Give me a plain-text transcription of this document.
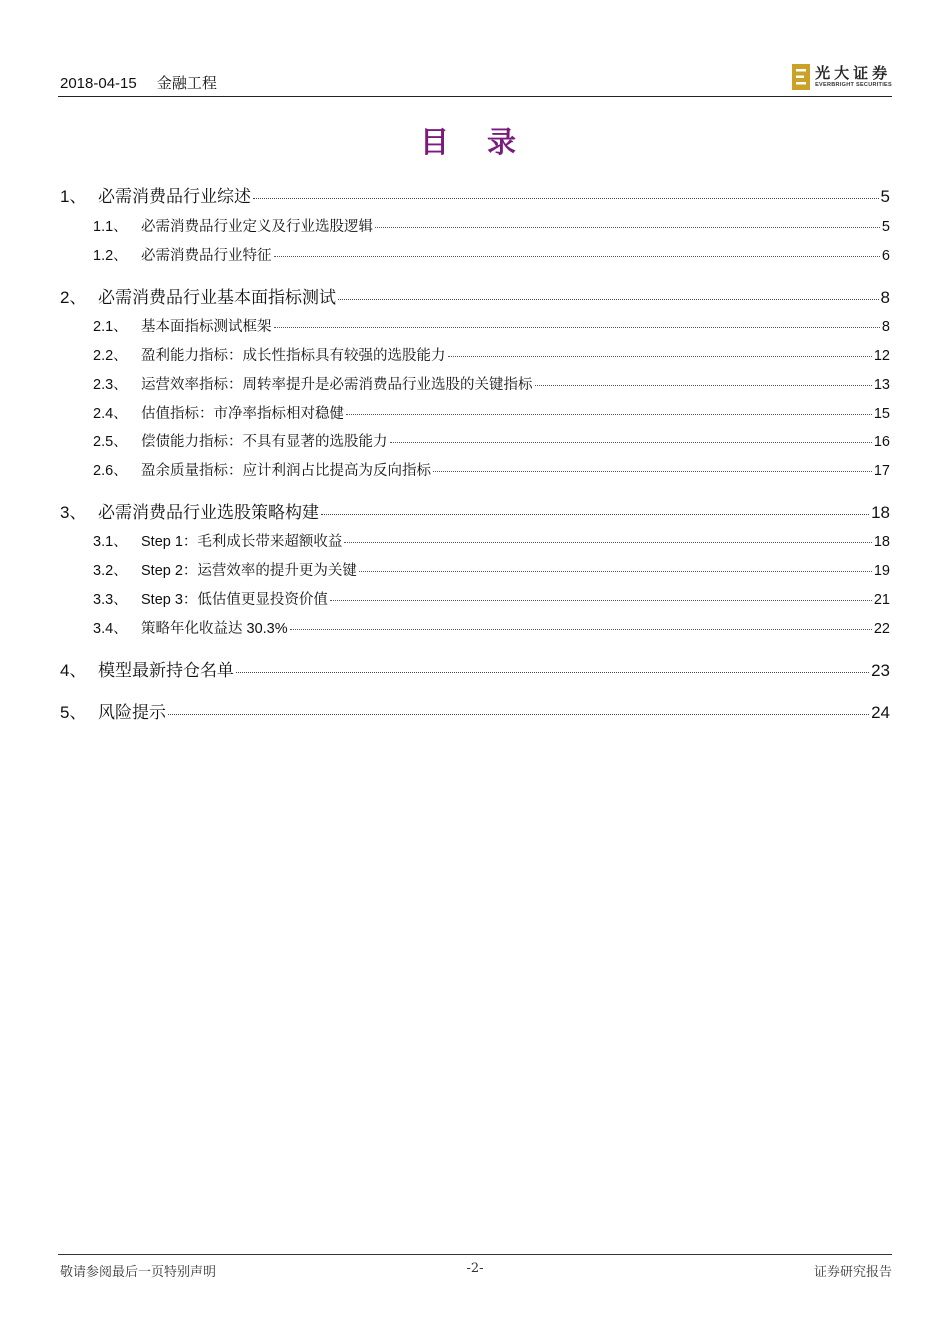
2018-04-15 金融工程
光大证券
EVERBRIGHT SECURITIES
目 录
1、 必需消费品行业综述	5
1.1、 必需消费品行业定义及行业选股逻辑	5
1.2、 必需消费品行业特征	6
2、 必需消费品行业基本面指标测试	8
2.1、 基本面指标测试框架	8
2.2、 盈利能力指标：成长性指标具有较强的选股能力	12
2.3、 运营效率指标：周转率提升是必需消费品行业选股的关键指标	13
2.4、 估值指标：市净率指标相对稳健	15
2.5、 偿债能力指标：不具有显著的选股能力	16
2.6、 盈余质量指标：应计利润占比提高为反向指标	17
3、 必需消费品行业选股策略构建	18
3.1、 Step 1：毛利成长带来超额收益	18
3.2、 Step 2：运营效率的提升更为关键	19
3.3、 Step 3：低估值更显投资价值	21
3.4、 策略年化收益达 30.3%	22
4、 模型最新持仓名单	23
5、 风险提示	24
敬请参阅最后一页特别声明	-2-	证券研究报告
